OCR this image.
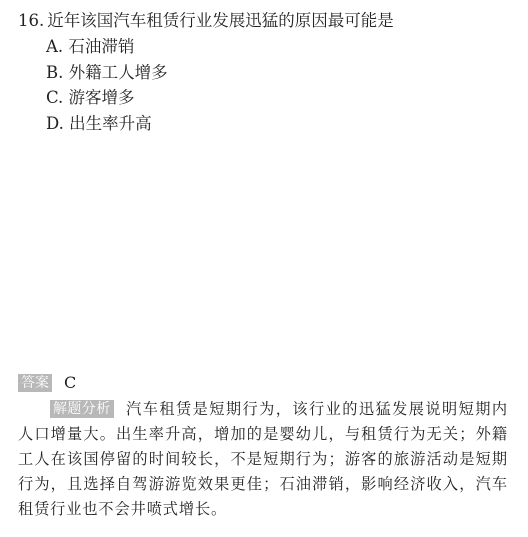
16. 近年该国汽车租赁行业发展迅猛的原因最可能是
A. 石油滞销
B. 外籍工人增多
C. 游客增多
D. 出生率升高
答案 C
解题分析 汽车租赁是短期行为，该行业的迅猛发展说明短期内人口增量大。出生率升高，增加的是婴幼儿，与租赁行为无关；外籍工人在该国停留的时间较长，不是短期行为；游客的旅游活动是短期行为，且选择自驾游游览效果更佳；石油滞销，影响经济收入，汽车租赁行业也不会井喷式增长。
